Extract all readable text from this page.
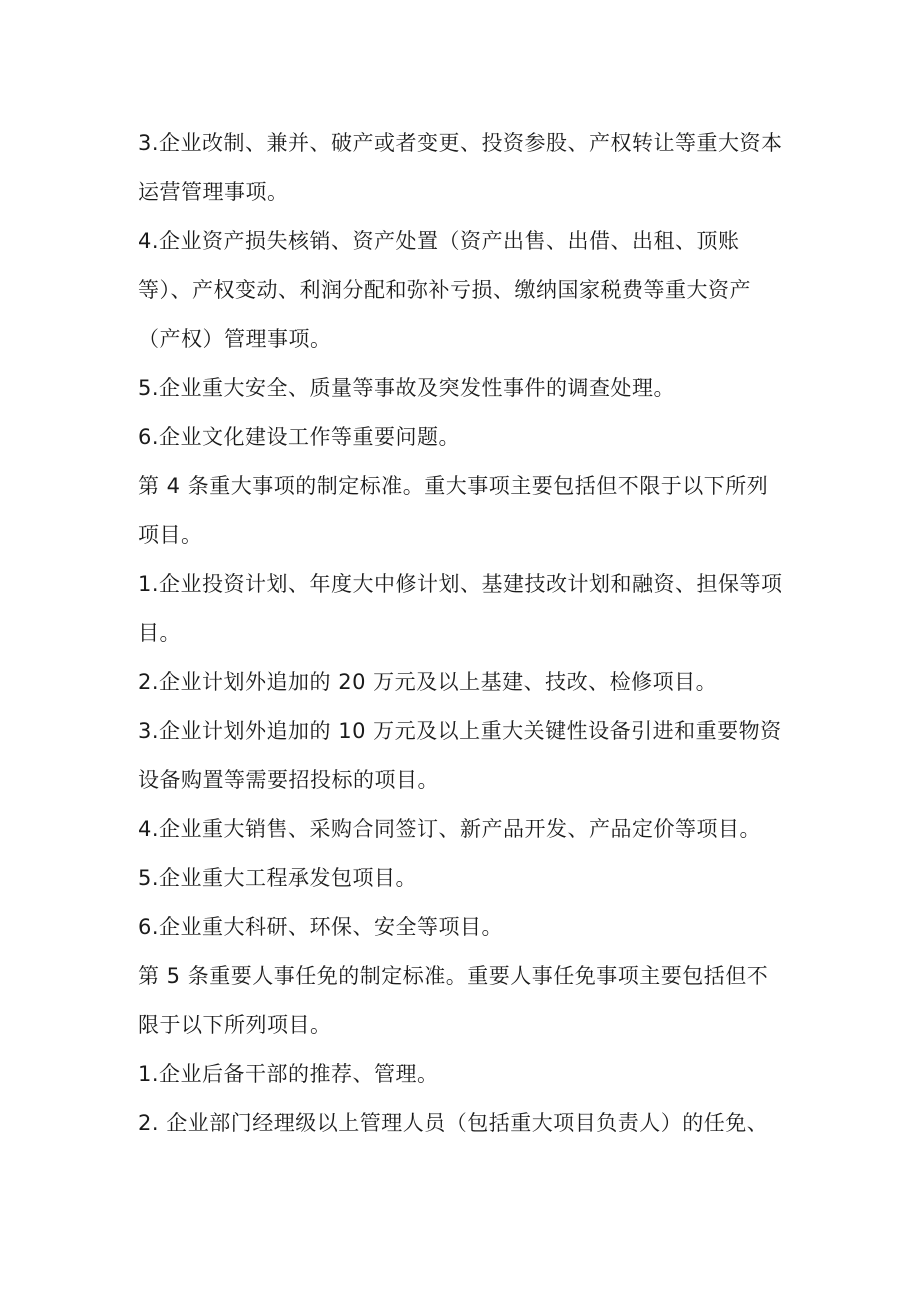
3.企业改制、兼并、破产或者变更、投资参股、产权转让等重大资本
运营管理事项。
4.企业资产损失核销、资产处置（资产出售、出借、出租、顶账
等）、产权变动、利润分配和弥补亏损、缴纳国家税费等重大资产
（产权）管理事项。
5.企业重大安全、质量等事故及突发性事件的调查处理。
6.企业文化建设工作等重要问题。
第 4 条重大事项的制定标准。重大事项主要包括但不限于以下所列
项目。
1.企业投资计划、年度大中修计划、基建技改计划和融资、担保等项
目。
2.企业计划外追加的 20 万元及以上基建、技改、检修项目。
3.企业计划外追加的 10 万元及以上重大关键性设备引进和重要物资
设备购置等需要招投标的项目。
4.企业重大销售、采购合同签订、新产品开发、产品定价等项目。
5.企业重大工程承发包项目。
6.企业重大科研、环保、安全等项目。
第 5 条重要人事任免的制定标准。重要人事任免事项主要包括但不
限于以下所列项目。
1.企业后备干部的推荐、管理。
2. 企业部门经理级以上管理人员（包括重大项目负责人）的任免、
